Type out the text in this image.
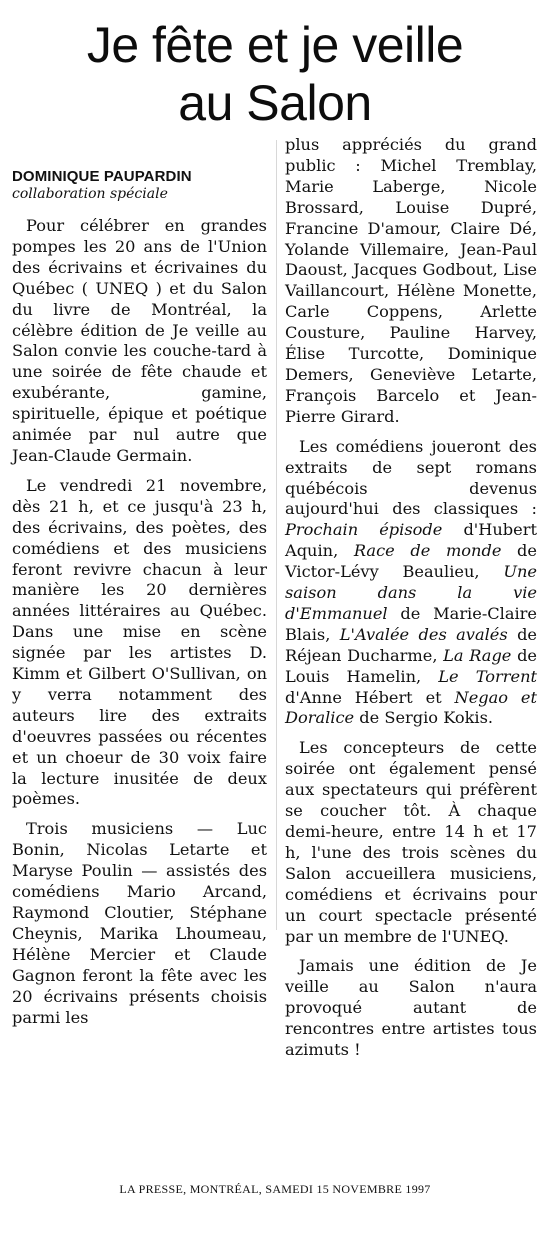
Je fête et je veille
au Salon
DOMINIQUE PAUPARDIN
collaboration spéciale

Pour célébrer en grandes pompes les 20 ans de l'Union des écrivains et écrivaines du Québec ( UNEQ ) et du Salon du livre de Montréal, la célèbre édition de Je veille au Salon convie les couche-tard à une soirée de fête chaude et exubérante, gamine, spirituelle, épique et poétique animée par nul autre que Jean-Claude Germain.

Le vendredi 21 novembre, dès 21 h, et ce jusqu'à 23 h, des écrivains, des poètes, des comédiens et des musiciens feront revivre chacun à leur manière les 20 dernières années littéraires au Québec. Dans une mise en scène signée par les artistes D. Kimm et Gilbert O'Sullivan, on y verra notamment des auteurs lire des extraits d'oeuvres passées ou récentes et un choeur de 30 voix faire la lecture inusitée de deux poèmes.

Trois musiciens — Luc Bonin, Nicolas Letarte et Maryse Poulin — assistés des comédiens Mario Arcand, Raymond Cloutier, Stéphane Cheynis, Marika Lhoumeau, Hélène Mercier et Claude Gagnon feront la fête avec les 20 écrivains présents choisis parmi les

plus appréciés du grand public : Michel Tremblay, Marie Laberge, Nicole Brossard, Louise Dupré, Francine D'amour, Claire Dé, Yolande Villemaire, Jean-Paul Daoust, Jacques Godbout, Lise Vaillancourt, Hélène Monette, Carle Coppens, Arlette Cousture, Pauline Harvey, Élise Turcotte, Dominique Demers, Geneviève Letarte, François Barcelo et Jean-Pierre Girard.

Les comédiens joueront des extraits de sept romans québécois devenus aujourd'hui des classiques : Prochain épisode d'Hubert Aquin, Race de monde de Victor-Lévy Beaulieu, Une saison dans la vie d'Emmanuel de Marie-Claire Blais, L'Avalée des avalés de Réjean Ducharme, La Rage de Louis Hamelin, Le Torrent d'Anne Hébert et Negao et Doralice de Sergio Kokis.

Les concepteurs de cette soirée ont également pensé aux spectateurs qui préfèrent se coucher tôt. À chaque demi-heure, entre 14 h et 17 h, l'une des trois scènes du Salon accueillera musiciens, comédiens et écrivains pour un court spectacle présenté par un membre de l'UNEQ.

Jamais une édition de Je veille au Salon n'aura provoqué autant de rencontres entre artistes tous azimuts !

LA PRESSE, MONTRÉAL, SAMEDI 15 NOVEMBRE 1997
